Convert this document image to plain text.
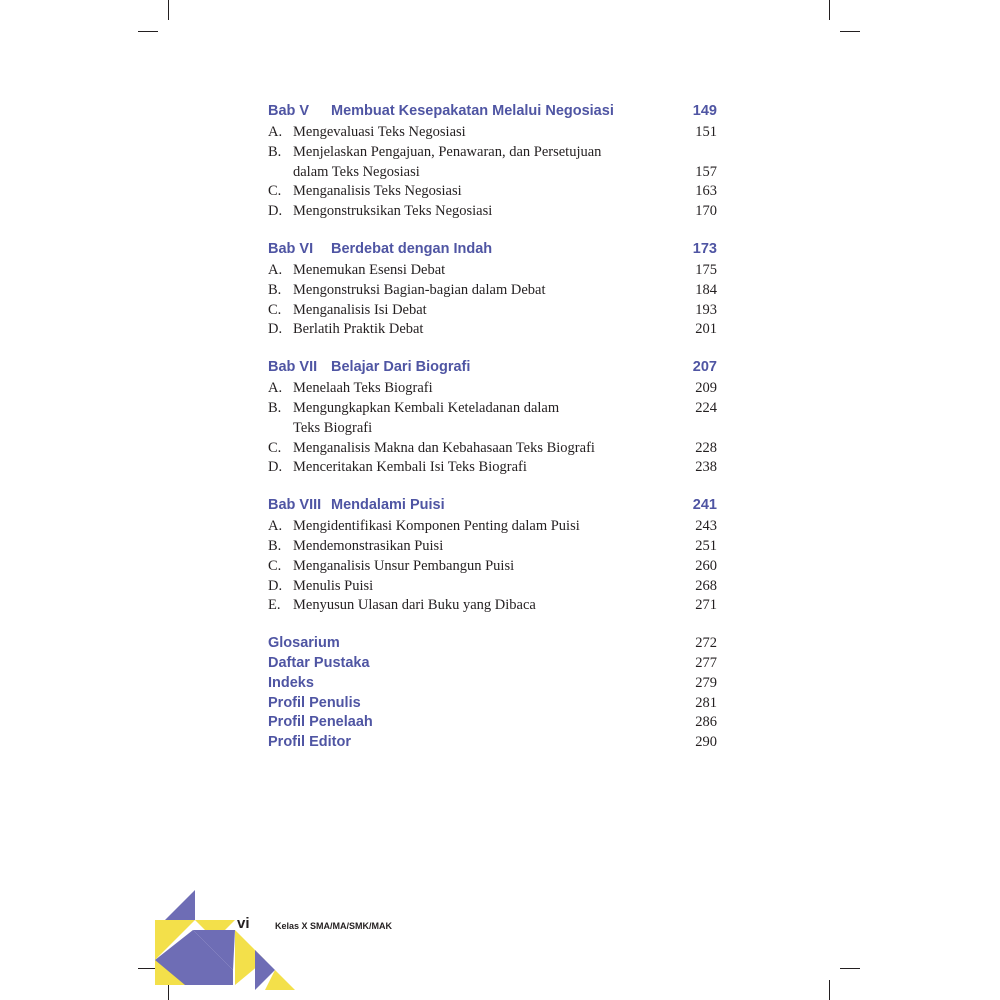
Bab V	Membuat Kesepakatan Melalui Negosiasi	149
A. Mengevaluasi Teks Negosiasi	151
B. Menjelaskan Pengajuan, Penawaran, dan Persetujuan
dalam Teks Negosiasi	157
C. Menganalisis Teks Negosiasi	163
D. Mengonstruksikan Teks Negosiasi	170
Bab VI	Berdebat dengan Indah	173
A. Menemukan Esensi Debat	175
B. Mengonstruksi Bagian-bagian dalam Debat	184
C. Menganalisis Isi Debat	193
D. Berlatih Praktik Debat	201
Bab VII Belajar Dari Biografi	207
A. Menelaah Teks Biografi	209
B. Mengungkapkan Kembali Keteladanan dalam	224
Teks Biografi
C. Menganalisis Makna dan Kebahasaan Teks Biografi	228
D. Menceritakan Kembali Isi Teks Biografi	238
Bab VIII Mendalami Puisi	241
A. Mengidentifikasi Komponen Penting dalam Puisi	243
B. Mendemonstrasikan Puisi	251
C. Menganalisis Unsur Pembangun Puisi	260
D. Menulis Puisi	268
E. Menyusun Ulasan dari Buku yang Dibaca	271
Glosarium	272
Daftar Pustaka	277
Indeks	279
Profil Penulis	281
Profil Penelaah	286
Profil Editor	290
vi	Kelas X SMA/MA/SMK/MAK
